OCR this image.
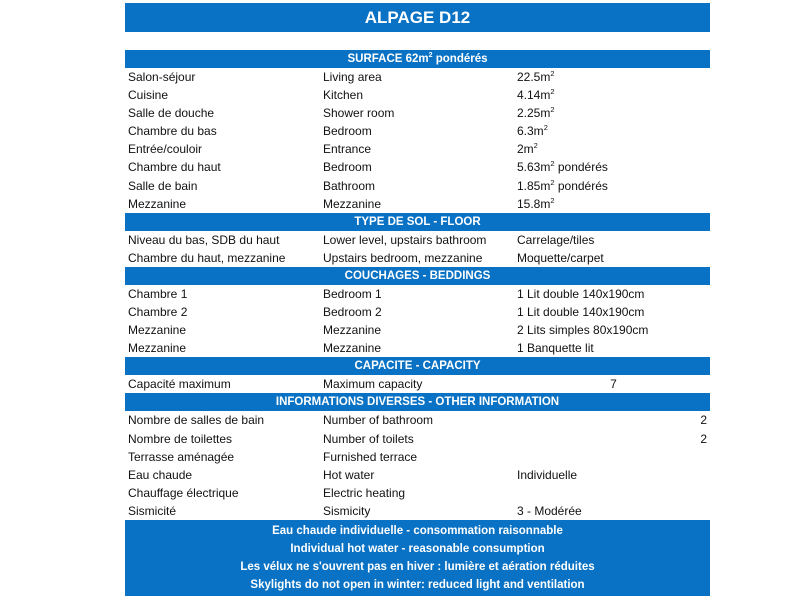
ALPAGE D12
SURFACE $62m^2$ pondérés
Salon-séjour	Living area	$22.5m^2$
Cuisine	Kitchen	$4.14m^2$
Salle de douche	Shower room	$2.25m^2$
Chambre du bas	Bedroom	$6.3m^2$
Entrée/couloir	Entrance	$2m^2$
Chambre du haut	Bedroom	$5.63m^2$ pondérés
Salle de bain	Bathroom	$1.85m^2$ pondérés
Mezzanine	Mezzanine	$15.8m^2$
TYPE DE SOL - FLOOR
Niveau du bas, SDB du haut	Lower level, upstairs bathroom	Carrelage/tiles
Chambre du haut, mezzanine	Upstairs bedroom, mezzanine	Moquette/carpet
COUCHAGES - BEDDINGS
Chambre 1	Bedroom 1	1 Lit double 140x190cm
Chambre 2	Bedroom 2	1 Lit double 140x190cm
Mezzanine	Mezzanine	2 Lits simples 80x190cm
Mezzanine	Mezzanine	1 Banquette lit
CAPACITE - CAPACITY
Capacité maximum	Maximum capacity	7
INFORMATIONS DIVERSES - OTHER INFORMATION
Nombre de salles de bain	Number of bathroom	2
Nombre de toilettes	Number of toilets	2
Terrasse aménagée	Furnished terrace
Eau chaude	Hot water	Individuelle
Chauffage électrique	Electric heating
Sismicité	Sismicity	3 - Modérée
Eau chaude individuelle - consommation raisonnable
Individual hot water - reasonable consumption
Les vélux ne s'ouvrent pas en hiver : lumière et aération réduites
Skylights do not open in winter: reduced light and ventilation
